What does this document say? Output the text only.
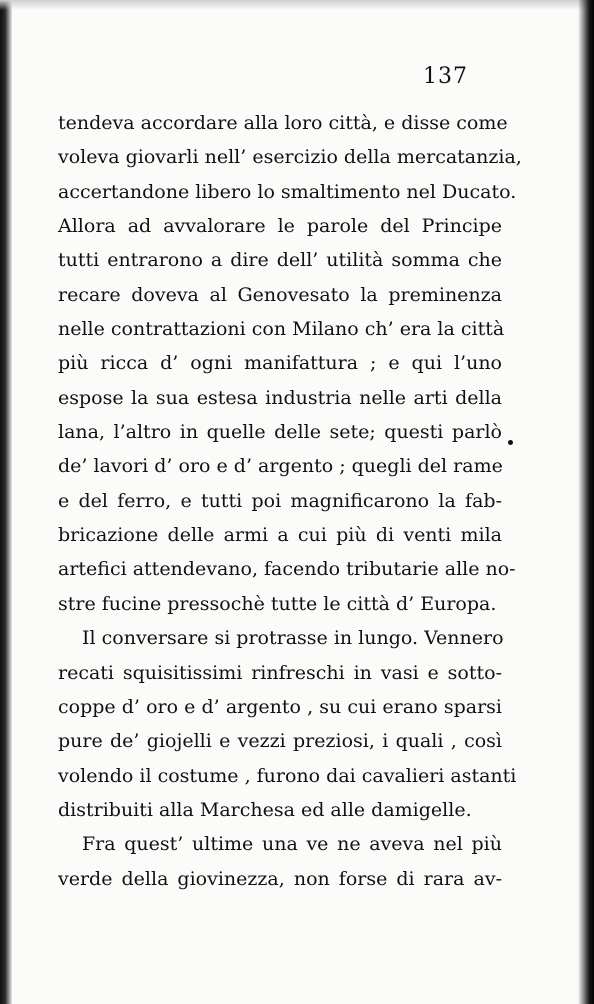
137
tendeva accordare alla loro città, e disse come
voleva giovarli nell’ esercizio della mercatanzia,
accertandone libero lo smaltimento nel Ducato.
Allora ad avvalorare le parole del Principe
tutti entrarono a dire dell’ utilità somma che
recare doveva al Genovesato la preminenza
nelle contrattazioni con Milano ch’ era la città
più ricca d’ ogni manifattura ; e qui l’uno
espose la sua estesa industria nelle arti della
lana, l’altro in quelle delle sete; questi parlò
de’ lavori d’ oro e d’ argento ; quegli del rame
e del ferro, e tutti poi magnificarono la fab-
bricazione delle armi a cui più di venti mila
artefici attendevano, facendo tributarie alle no-
stre fucine pressochè tutte le città d’ Europa.
Il conversare si protrasse in lungo. Vennero
recati squisitissimi rinfreschi in vasi e sotto-
coppe d’ oro e d’ argento , su cui erano sparsi
pure de’ giojelli e vezzi preziosi, i quali , così
volendo il costume , furono dai cavalieri astanti
distribuiti alla Marchesa ed alle damigelle.
Fra quest’ ultime una ve ne aveva nel più
verde della giovinezza, non forse di rara av-
